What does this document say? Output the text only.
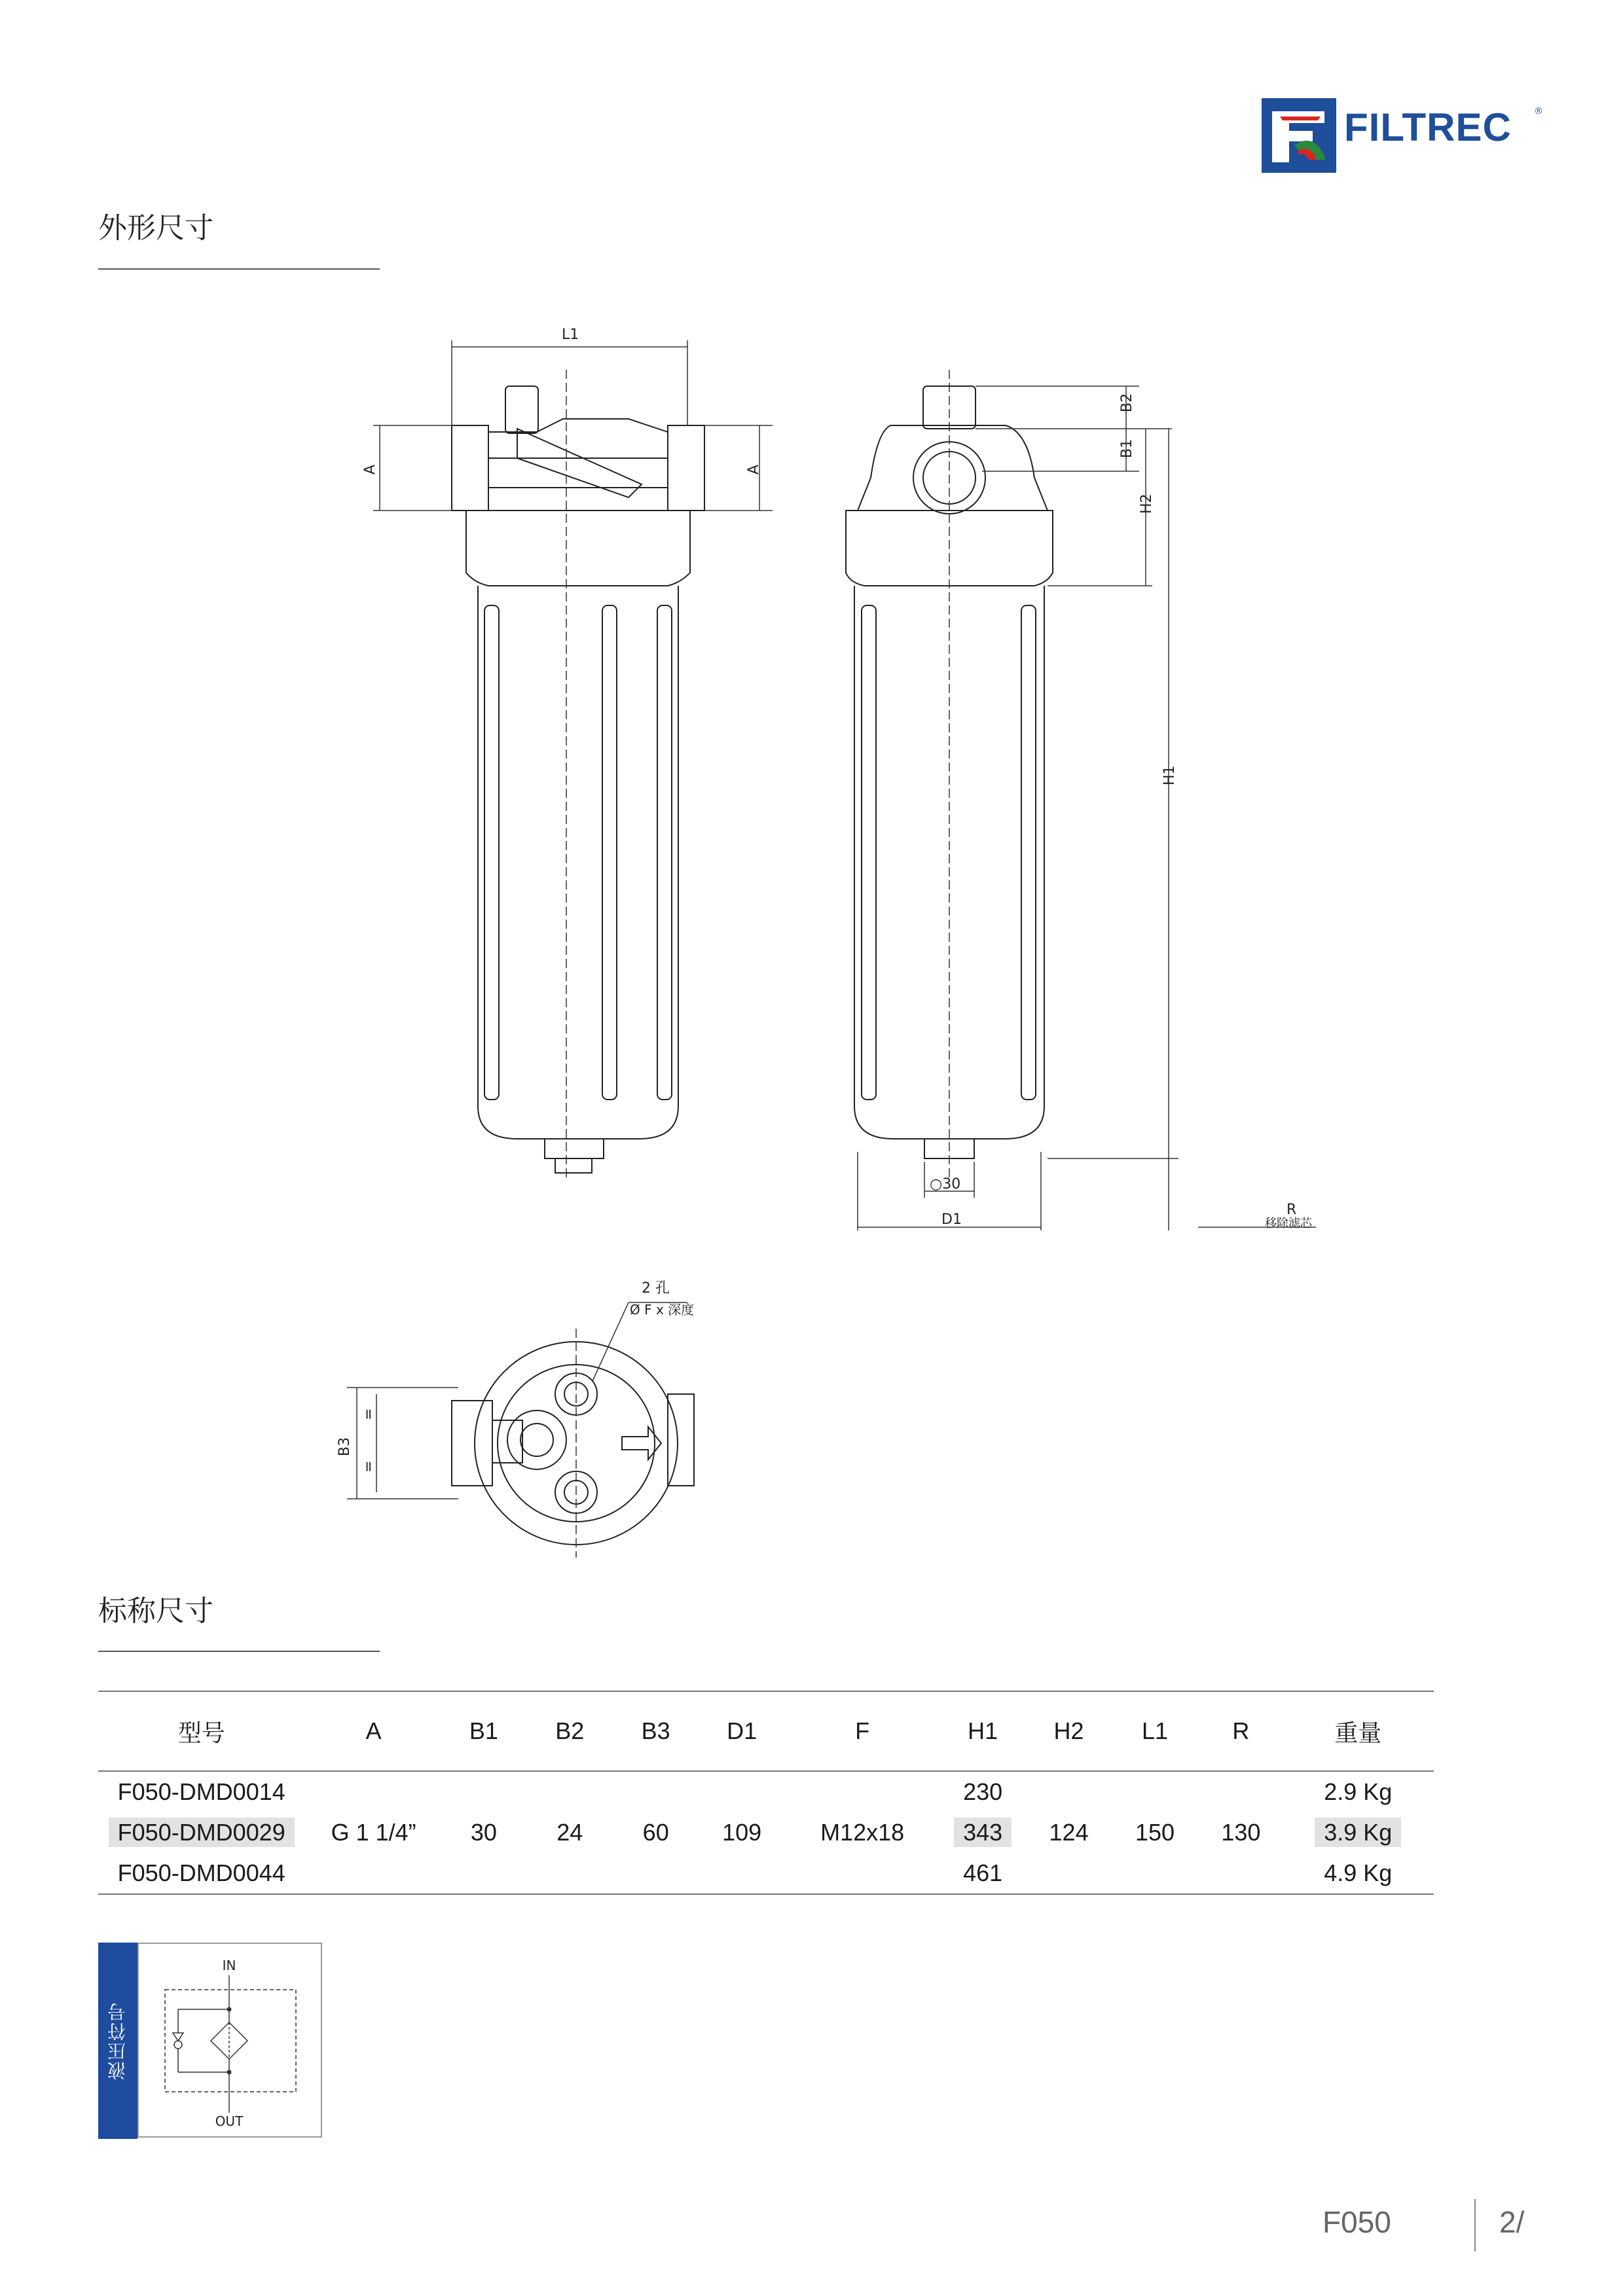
FILTREC ®
外形尺寸
L1
A	A
B2
B1
H2
H1
○30
D1
R
移除滤芯
B3
=
=
2 孔
Ø F x 深度
标称尺寸
型号	A	B1	B2	B3	D1	F	H1	H2	L1	R	重量
F050-DMD0014							230				2.9 Kg
F050-DMD0029	G 1 1/4”	30	24	60	109	M12x18	343	124	150	130	3.9 Kg
F050-DMD0044							461				4.9 Kg
液压符号
IN
OUT
F050	2/
